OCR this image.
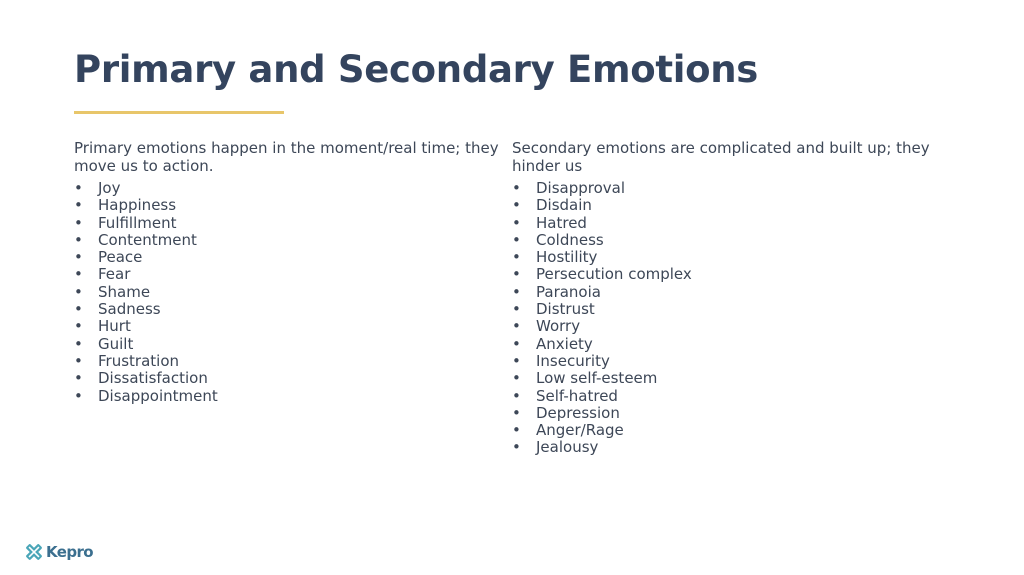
Primary and Secondary Emotions

Primary emotions happen in the moment/real time; they move us to action.

• Joy
• Happiness
• Fulfillment
• Contentment
• Peace
• Fear
• Shame
• Sadness
• Hurt
• Guilt
• Frustration
• Dissatisfaction
• Disappointment

Secondary emotions are complicated and built up; they hinder us

• Disapproval
• Disdain
• Hatred
• Coldness
• Hostility
• Persecution complex
• Paranoia
• Distrust
• Worry
• Anxiety
• Insecurity
• Low self-esteem
• Self-hatred
• Depression
• Anger/Rage
• Jealousy
Kepro
